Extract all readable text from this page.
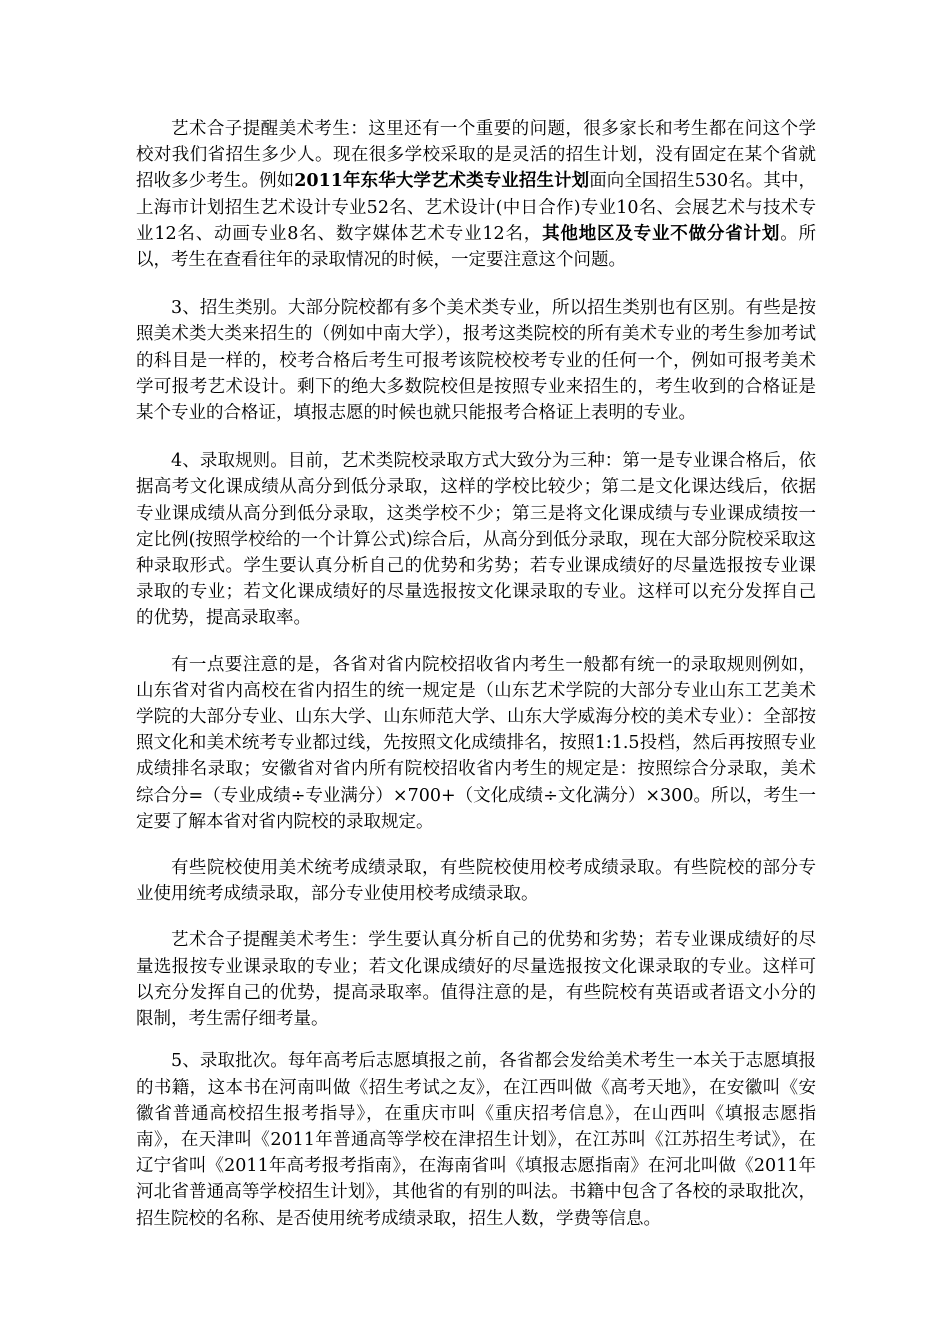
艺术合子提醒美术考生：这里还有一个重要的问题，很多家长和考生都在问这个学校对我们省招生多少人。现在很多学校采取的是灵活的招生计划，没有固定在某个省就招收多少考生。例如2011年东华大学艺术类专业招生计划面向全国招生530名。其中，上海市计划招生艺术设计专业52名、艺术设计(中日合作)专业10名、会展艺术与技术专业12名、动画专业8名、数字媒体艺术专业12名，其他地区及专业不做分省计划。所以，考生在查看往年的录取情况的时候，一定要注意这个问题。

3、招生类别。大部分院校都有多个美术类专业，所以招生类别也有区别。有些是按照美术类大类来招生的（例如中南大学），报考这类院校的所有美术专业的考生参加考试的科目是一样的，校考合格后考生可报考该院校校考专业的任何一个，例如可报考美术学可报考艺术设计。剩下的绝大多数院校但是按照专业来招生的，考生收到的合格证是某个专业的合格证，填报志愿的时候也就只能报考合格证上表明的专业。

4、录取规则。目前，艺术类院校录取方式大致分为三种：第一是专业课合格后，依据高考文化课成绩从高分到低分录取，这样的学校比较少；第二是文化课达线后，依据专业课成绩从高分到低分录取，这类学校不少；第三是将文化课成绩与专业课成绩按一定比例(按照学校给的一个计算公式)综合后，从高分到低分录取，现在大部分院校采取这种录取形式。学生要认真分析自己的优势和劣势；若专业课成绩好的尽量选报按专业课录取的专业；若文化课成绩好的尽量选报按文化课录取的专业。这样可以充分发挥自己的优势，提高录取率。

有一点要注意的是，各省对省内院校招收省内考生一般都有统一的录取规则例如，山东省对省内高校在省内招生的统一规定是（山东艺术学院的大部分专业山东工艺美术学院的大部分专业、山东大学、山东师范大学、山东大学威海分校的美术专业）：全部按照文化和美术统考专业都过线，先按照文化成绩排名，按照1:1.5投档，然后再按照专业成绩排名录取；安徽省对省内所有院校招收省内考生的规定是：按照综合分录取，美术综合分=（专业成绩÷专业满分）×700+（文化成绩÷文化满分）×300。所以，考生一定要了解本省对省内院校的录取规定。

有些院校使用美术统考成绩录取，有些院校使用校考成绩录取。有些院校的部分专业使用统考成绩录取，部分专业使用校考成绩录取。

艺术合子提醒美术考生：学生要认真分析自己的优势和劣势；若专业课成绩好的尽量选报按专业课录取的专业；若文化课成绩好的尽量选报按文化课录取的专业。这样可以充分发挥自己的优势，提高录取率。值得注意的是，有些院校有英语或者语文小分的限制，考生需仔细考量。

5、录取批次。每年高考后志愿填报之前，各省都会发给美术考生一本关于志愿填报的书籍，这本书在河南叫做《招生考试之友》，在江西叫做《高考天地》，在安徽叫《安徽省普通高校招生报考指导》，在重庆市叫《重庆招考信息》，在山西叫《填报志愿指南》，在天津叫《2011年普通高等学校在津招生计划》，在江苏叫《江苏招生考试》，在辽宁省叫《2011年高考报考指南》，在海南省叫《填报志愿指南》在河北叫做《2011年河北省普通高等学校招生计划》，其他省的有别的叫法。书籍中包含了各校的录取批次，招生院校的名称、是否使用统考成绩录取，招生人数，学费等信息。
